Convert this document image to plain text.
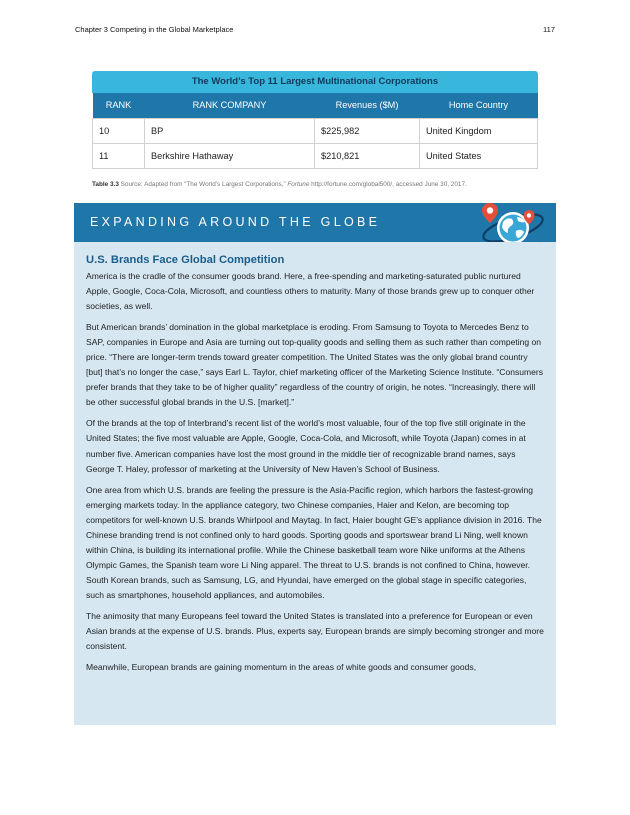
Chapter 3 Competing in the Global Marketplace	117
The World’s Top 11 Largest Multinational Corporations
RANK	RANK COMPANY	Revenues ($M)	Home Country
10	BP	$225,982	United Kingdom
11	Berkshire Hathaway	$210,821	United States
Table 3.3 Source: Adapted from “The World’s Largest Corporations,” Fortune http://fortune.com/global500/, accessed June 30, 2017.
EXPANDING AROUND THE GLOBE
U.S. Brands Face Global Competition

America is the cradle of the consumer goods brand. Here, a free-spending and marketing-saturated public nurtured Apple, Google, Coca-Cola, Microsoft, and countless others to maturity. Many of those brands grew up to conquer other societies, as well.

But American brands’ domination in the global marketplace is eroding. From Samsung to Toyota to Mercedes Benz to SAP, companies in Europe and Asia are turning out top-quality goods and selling them as such rather than competing on price. “There are longer-term trends toward greater competition. The United States was the only global brand country [but] that’s no longer the case,” says Earl L. Taylor, chief marketing officer of the Marketing Science Institute. “Consumers prefer brands that they take to be of higher quality” regardless of the country of origin, he notes. “Increasingly, there will be other successful global brands in the U.S. [market].”

Of the brands at the top of Interbrand’s recent list of the world’s most valuable, four of the top five still originate in the United States; the five most valuable are Apple, Google, Coca-Cola, and Microsoft, while Toyota (Japan) comes in at number five. American companies have lost the most ground in the middle tier of recognizable brand names, says George T. Haley, professor of marketing at the University of New Haven’s School of Business.

One area from which U.S. brands are feeling the pressure is the Asia-Pacific region, which harbors the fastest-growing emerging markets today. In the appliance category, two Chinese companies, Haier and Kelon, are becoming top competitors for well-known U.S. brands Whirlpool and Maytag. In fact, Haier bought GE’s appliance division in 2016. The Chinese branding trend is not confined only to hard goods. Sporting goods and sportswear brand Li Ning, well known within China, is building its international profile. While the Chinese basketball team wore Nike uniforms at the Athens Olympic Games, the Spanish team wore Li Ning apparel. The threat to U.S. brands is not confined to China, however. South Korean brands, such as Samsung, LG, and Hyundai, have emerged on the global stage in specific categories, such as smartphones, household appliances, and automobiles.

The animosity that many Europeans feel toward the United States is translated into a preference for European or even Asian brands at the expense of U.S. brands. Plus, experts say, European brands are simply becoming stronger and more consistent.

Meanwhile, European brands are gaining momentum in the areas of white goods and consumer goods,
